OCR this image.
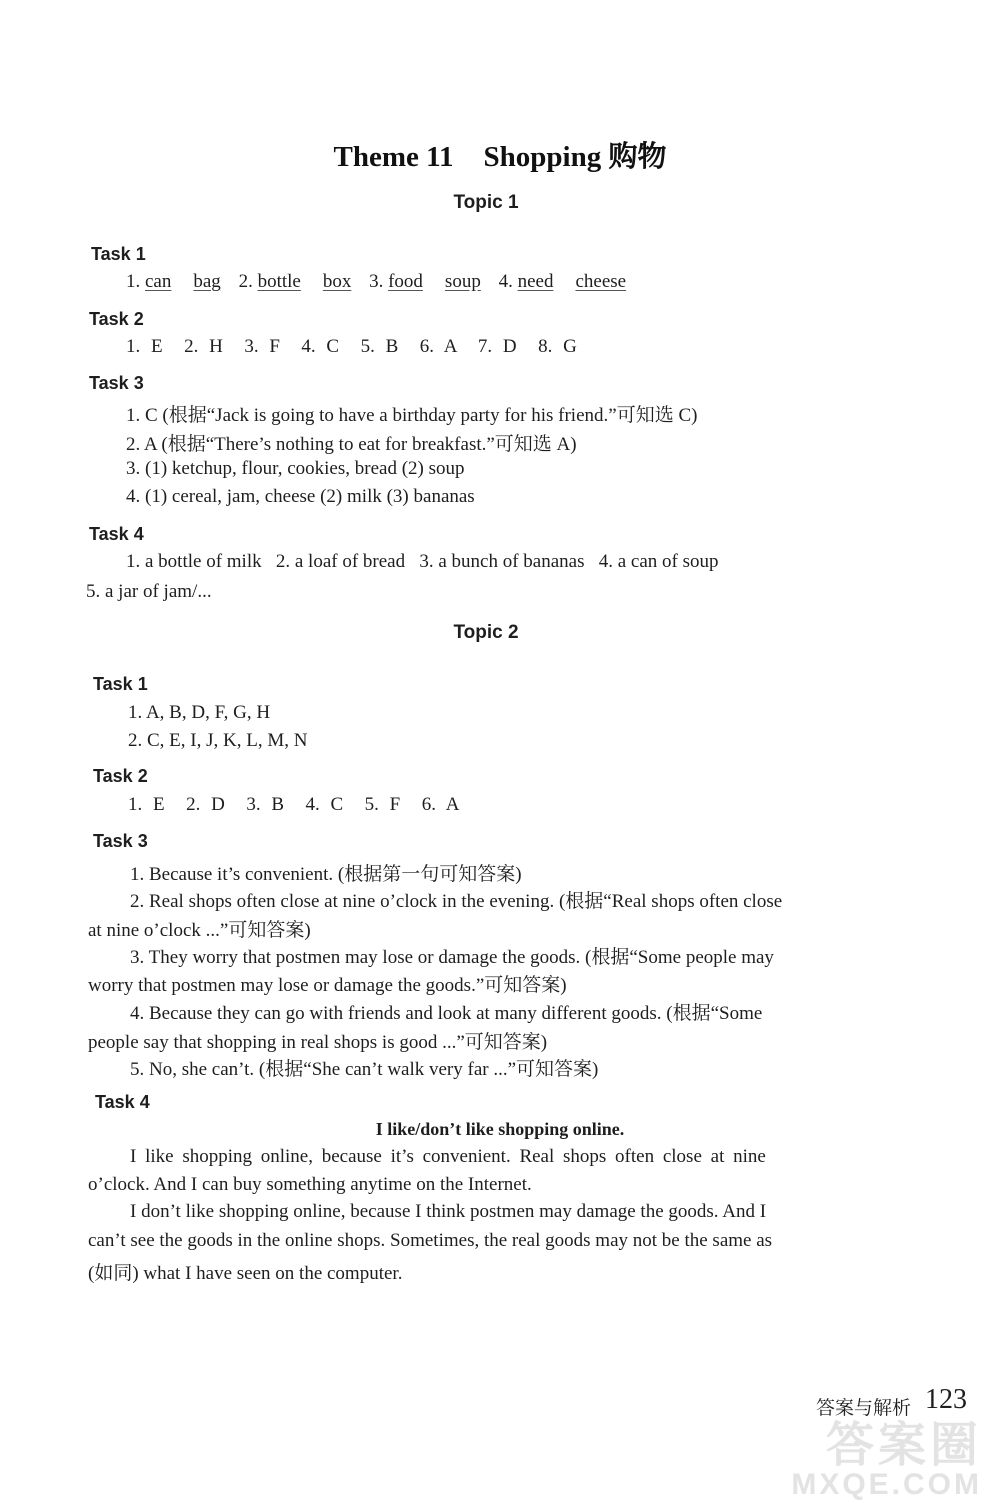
Theme 11 Shopping 购物
Topic 1
Task 1
1. can bag 2. bottle box 3. food soup 4. need cheese
Task 2
1. E  2. H  3. F  4. C  5. B  6. A  7. D  8. G
Task 3
1. C (根据“Jack is going to have a birthday party for his friend.”可知选 C)
2. A (根据“There’s nothing to eat for breakfast.”可知选 A)
3. (1) ketchup, flour, cookies, bread (2) soup
4. (1) cereal, jam, cheese (2) milk (3) bananas
Task 4
1. a bottle of milk   2. a loaf of bread   3. a bunch of bananas   4. a can of soup
5. a jar of jam/...
Topic 2
Task 1
1. A, B, D, F, G, H
2. C, E, I, J, K, L, M, N
Task 2
1. E  2. D  3. B  4. C  5. F  6. A
Task 3
1. Because it’s convenient. (根据第一句可知答案)
2. Real shops often close at nine o’clock in the evening. (根据“Real shops often close
at nine o’clock ...”可知答案)
3. They worry that postmen may lose or damage the goods. (根据“Some people may
worry that postmen may lose or damage the goods.”可知答案)
4. Because they can go with friends and look at many different goods. (根据“Some
people say that shopping in real shops is good ...”可知答案)
5. No, she can’t. (根据“She can’t walk very far ...”可知答案)
Task 4
I like/don’t like shopping online.
I like shopping online, because it’s convenient. Real shops often close at nine
o’clock. And I can buy something anytime on the Internet.
I don’t like shopping online, because I think postmen may damage the goods. And I
can’t see the goods in the online shops. Sometimes, the real goods may not be the same as
(如同) what I have seen on the computer.
答案圈
MXQE.COM
答案与解析 123
